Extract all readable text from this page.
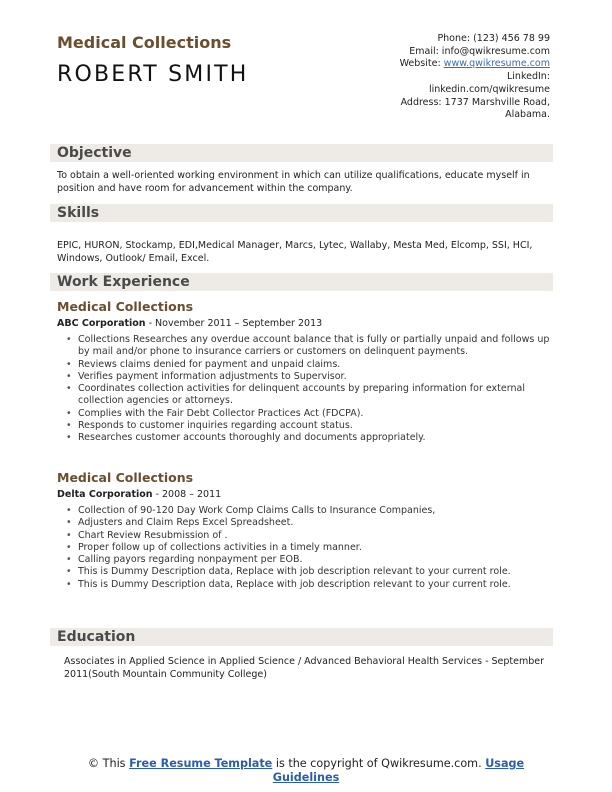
Medical Collections
ROBERT SMITH
Phone: (123) 456 78 99
Email: info@qwikresume.com
Website: www.qwikresume.com
LinkedIn:
linkedin.com/qwikresume
Address: 1737 Marshville Road,
Alabama.
Objective
To obtain a well-oriented working environment in which can utilize qualifications, educate myself in position and have room for advancement within the company.
Skills
EPIC, HURON, Stockamp, EDI,Medical Manager, Marcs, Lytec, Wallaby, Mesta Med, Elcomp, SSI, HCI, Windows, Outlook/ Email, Excel.
Work Experience
Medical Collections
ABC Corporation - November 2011 – September 2013
• Collections Researches any overdue account balance that is fully or partially unpaid and follows up by mail and/or phone to insurance carriers or customers on delinquent payments.
• Reviews claims denied for payment and unpaid claims.
• Verifies payment information adjustments to Supervisor.
• Coordinates collection activities for delinquent accounts by preparing information for external collection agencies or attorneys.
• Complies with the Fair Debt Collector Practices Act (FDCPA).
• Responds to customer inquiries regarding account status.
• Researches customer accounts thoroughly and documents appropriately.
Medical Collections
Delta Corporation - 2008 – 2011
• Collection of 90-120 Day Work Comp Claims Calls to Insurance Companies,
• Adjusters and Claim Reps Excel Spreadsheet.
• Chart Review Resubmission of .
• Proper follow up of collections activities in a timely manner.
• Calling payors regarding nonpayment per EOB.
• This is Dummy Description data, Replace with job description relevant to your current role.
• This is Dummy Description data, Replace with job description relevant to your current role.
Education
Associates in Applied Science in Applied Science / Advanced Behavioral Health Services - September 2011(South Mountain Community College)
© This Free Resume Template is the copyright of Qwikresume.com. Usage Guidelines
